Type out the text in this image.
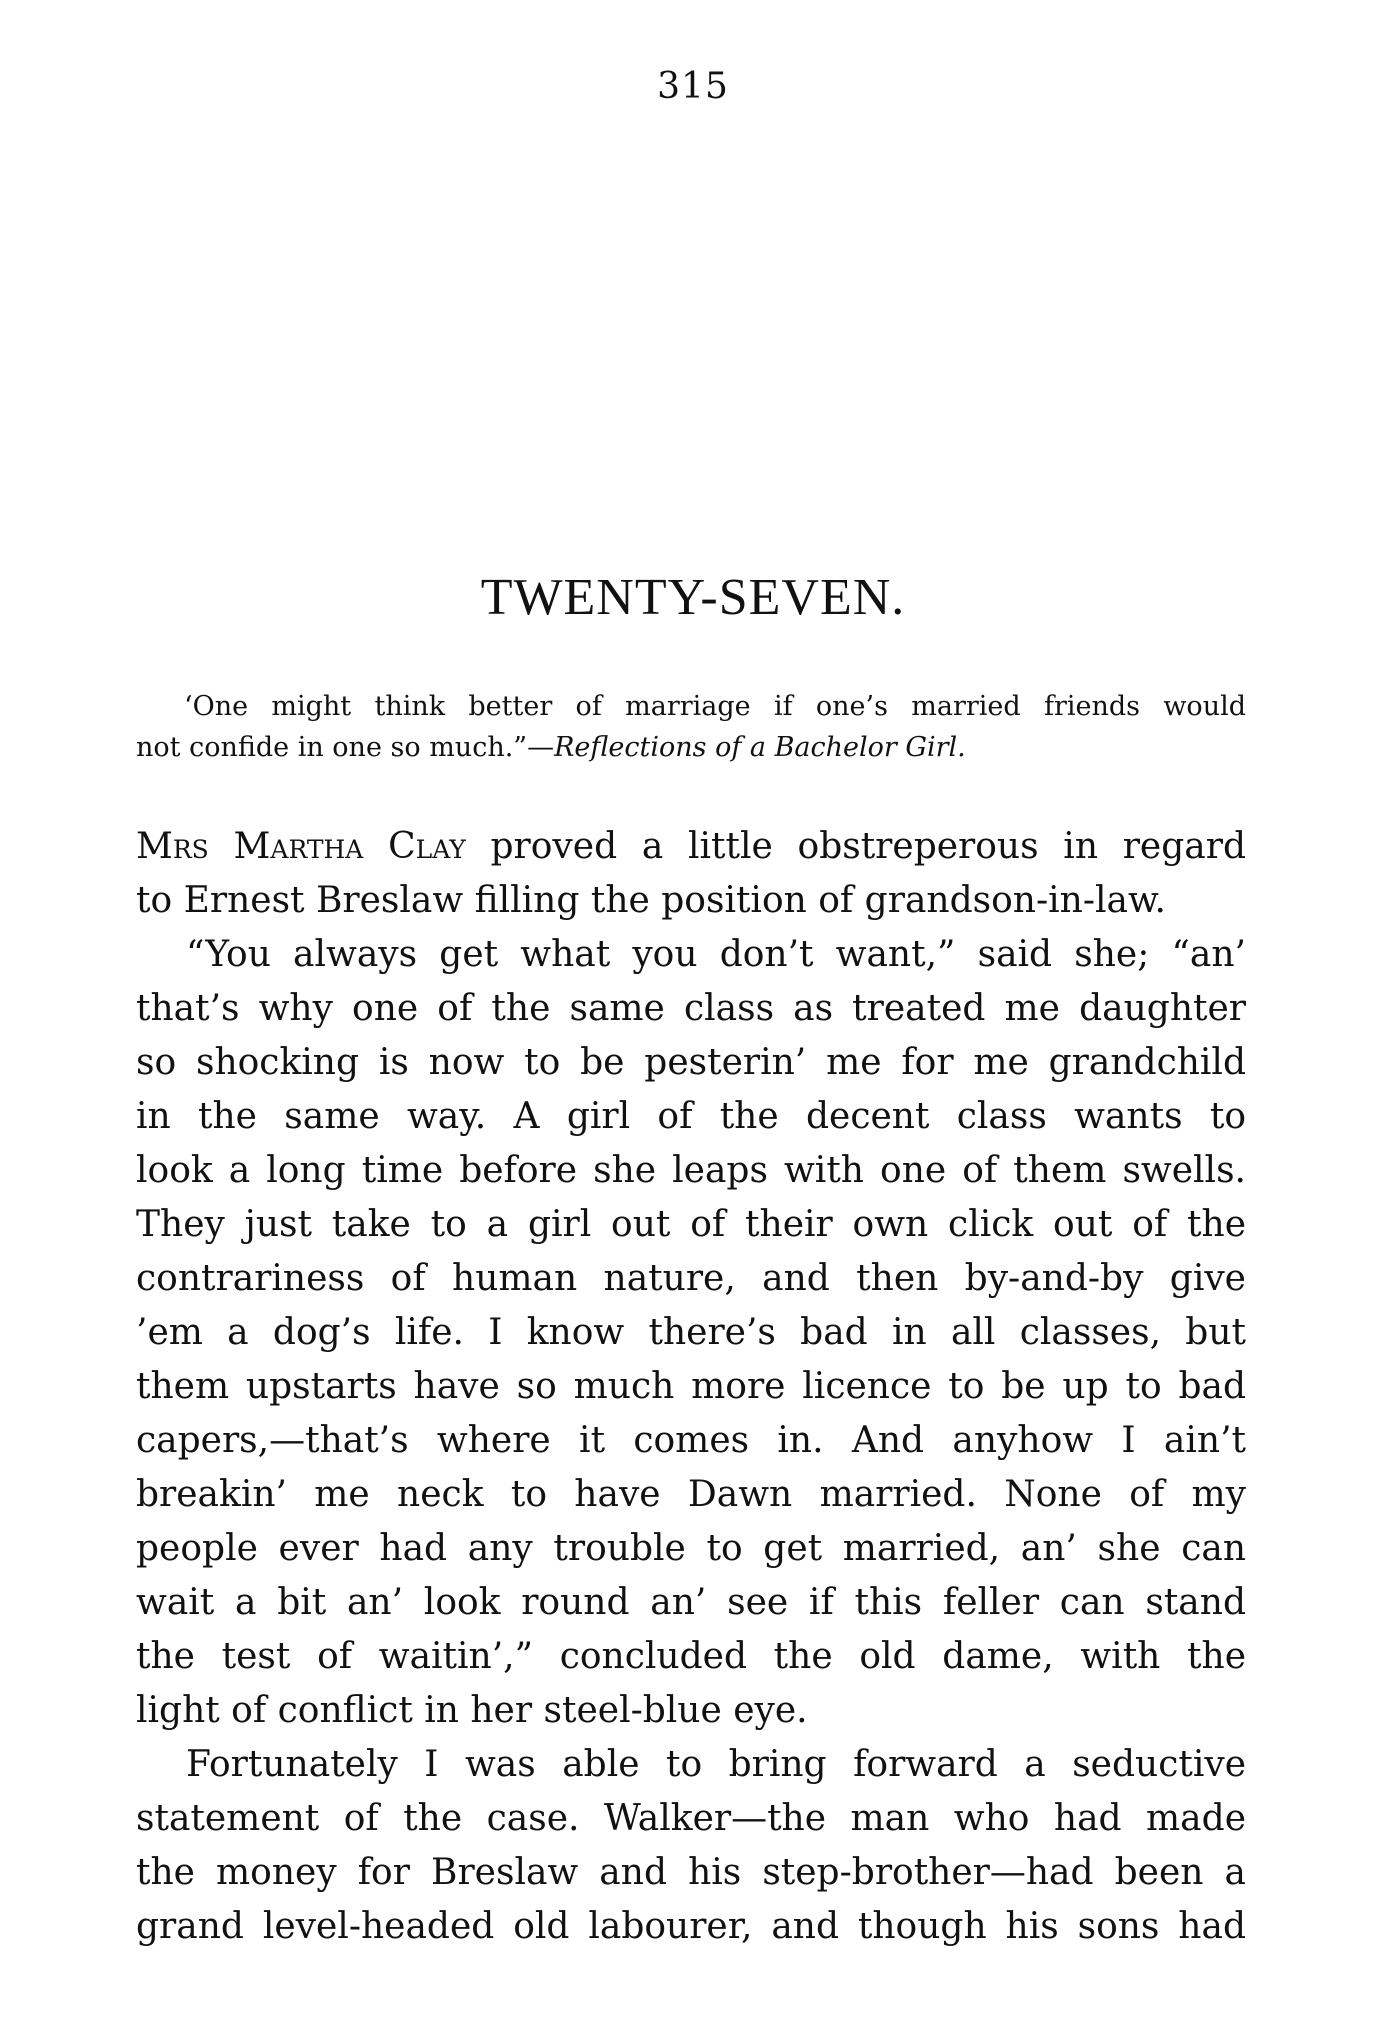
315
TWENTY-SEVEN.
‘One might think better of marriage if one’s married friends would
not confide in one so much.”—Reflections of a Bachelor Girl.
Mrs Martha Clay proved a little obstreperous in regard
to Ernest Breslaw filling the position of grandson-in-law.
“You always get what you don’t want,” said she; “an’
that’s why one of the same class as treated me daughter
so shocking is now to be pesterin’ me for me grandchild
in the same way. A girl of the decent class wants to
look a long time before she leaps with one of them swells.
They just take to a girl out of their own click out of the
contrariness of human nature, and then by-and-by give
’em a dog’s life. I know there’s bad in all classes, but
them upstarts have so much more licence to be up to bad
capers,—that’s where it comes in. And anyhow I ain’t
breakin’ me neck to have Dawn married. None of my
people ever had any trouble to get married, an’ she can
wait a bit an’ look round an’ see if this feller can stand
the test of waitin’,” concluded the old dame, with the
light of conflict in her steel-blue eye.
Fortunately I was able to bring forward a seductive
statement of the case. Walker—the man who had made
the money for Breslaw and his step-brother—had been a
grand level-headed old labourer, and though his sons had
